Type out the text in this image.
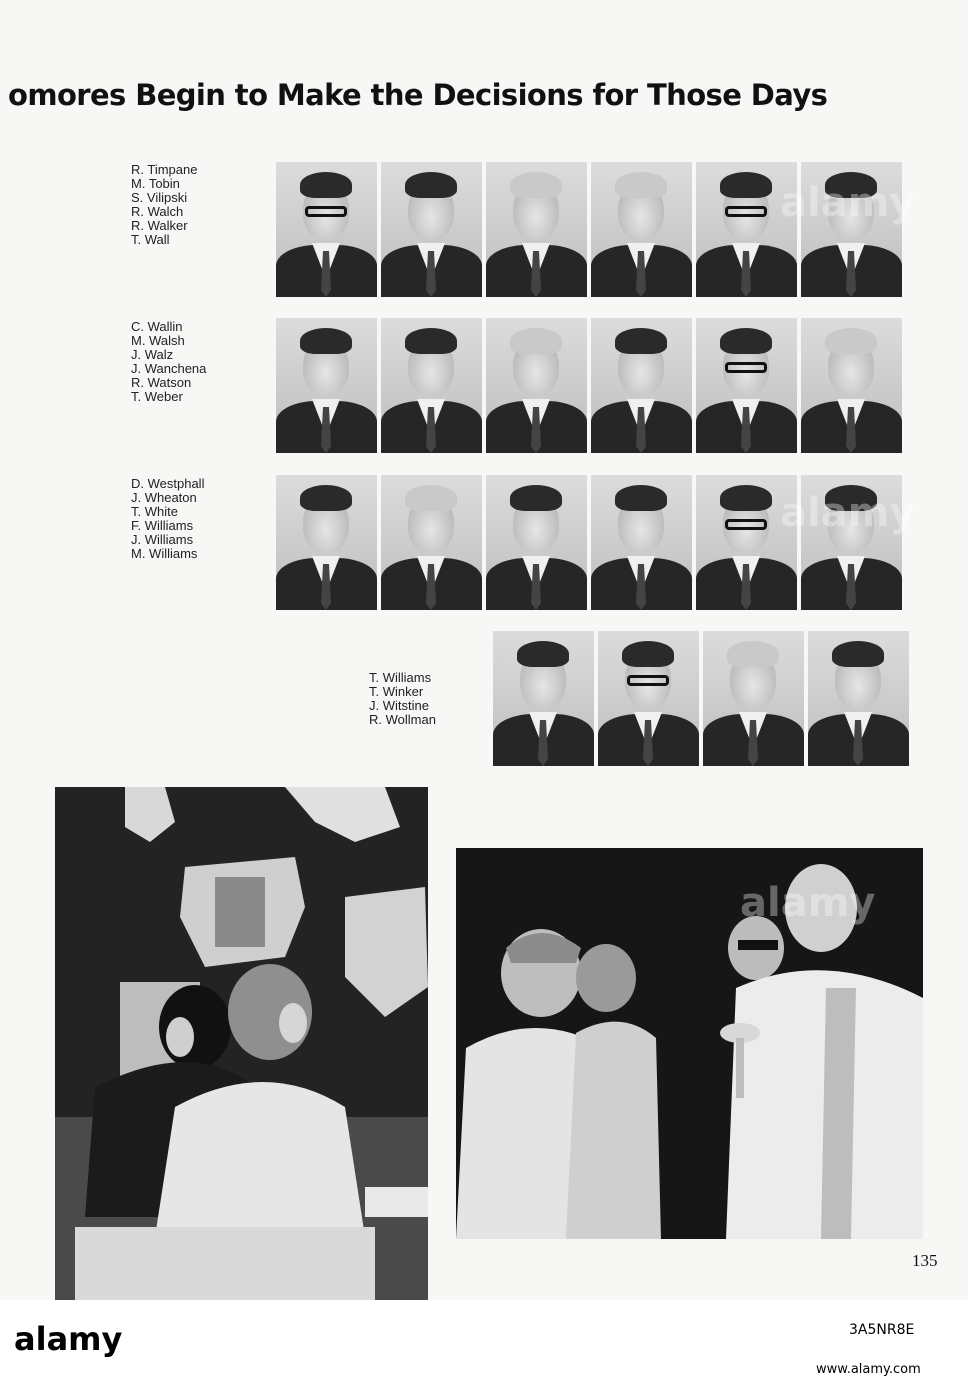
omores Begin to Make the Decisions for Those Days
R. Timpane
M. Tobin
S. Vilipski
R. Walch
R. Walker
T. Wall
C. Wallin
M. Walsh
J. Walz
J. Wanchena
R. Watson
T. Weber
D. Westphall
J. Wheaton
T. White
F. Williams
J. Williams
M. Williams
T. Williams
T. Winker
J. Witstine
R. Wollman
135
alamy
alamy
alamy
alamy	3A5NR8E
www.alamy.com
